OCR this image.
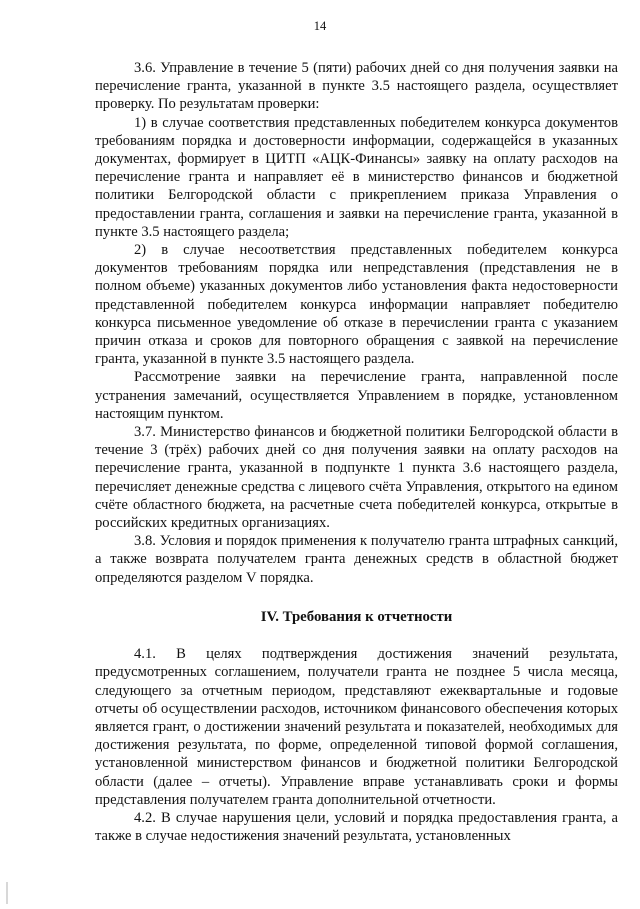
14

3.6. Управление в течение 5 (пяти) рабочих дней со дня получения заявки на перечисление гранта, указанной в пункте 3.5 настоящего раздела, осуществляет проверку. По результатам проверки:

1) в случае соответствия представленных победителем конкурса документов требованиям порядка и достоверности информации, содержащейся в указанных документах, формирует в ЦИТП «АЦК-Финансы» заявку на оплату расходов на перечисление гранта и направляет её в министерство финансов и бюджетной политики Белгородской области с прикреплением приказа Управления о предоставлении гранта, соглашения и заявки на перечисление гранта, указанной в пункте 3.5 настоящего раздела;

2) в случае несоответствия представленных победителем конкурса документов требованиям порядка или непредставления (представления не в полном объеме) указанных документов либо установления факта недостоверности представленной победителем конкурса информации направляет победителю конкурса письменное уведомление об отказе в перечислении гранта с указанием причин отказа и сроков для повторного обращения с заявкой на перечисление гранта, указанной в пункте 3.5 настоящего раздела.

Рассмотрение заявки на перечисление гранта, направленной после устранения замечаний, осуществляется Управлением в порядке, установленном настоящим пунктом.

3.7. Министерство финансов и бюджетной политики Белгородской области в течение 3 (трёх) рабочих дней со дня получения заявки на оплату расходов на перечисление гранта, указанной в подпункте 1 пункта 3.6 настоящего раздела, перечисляет денежные средства с лицевого счёта Управления, открытого на едином счёте областного бюджета, на расчетные счета победителей конкурса, открытые в российских кредитных организациях.

3.8. Условия и порядок применения к получателю гранта штрафных санкций, а также возврата получателем гранта денежных средств в областной бюджет определяются разделом V порядка.

IV. Требования к отчетности

4.1. В целях подтверждения достижения значений результата, предусмотренных соглашением, получатели гранта не позднее 5 числа месяца, следующего за отчетным периодом, представляют ежеквартальные и годовые отчеты об осуществлении расходов, источником финансового обеспечения которых является грант, о достижении значений результата и показателей, необходимых для достижения результата, по форме, определенной типовой формой соглашения, установленной министерством финансов и бюджетной политики Белгородской области (далее – отчеты). Управление вправе устанавливать сроки и формы представления получателем гранта дополнительной отчетности.

4.2. В случае нарушения цели, условий и порядка предоставления гранта, а также в случае недостижения значений результата, установленных
